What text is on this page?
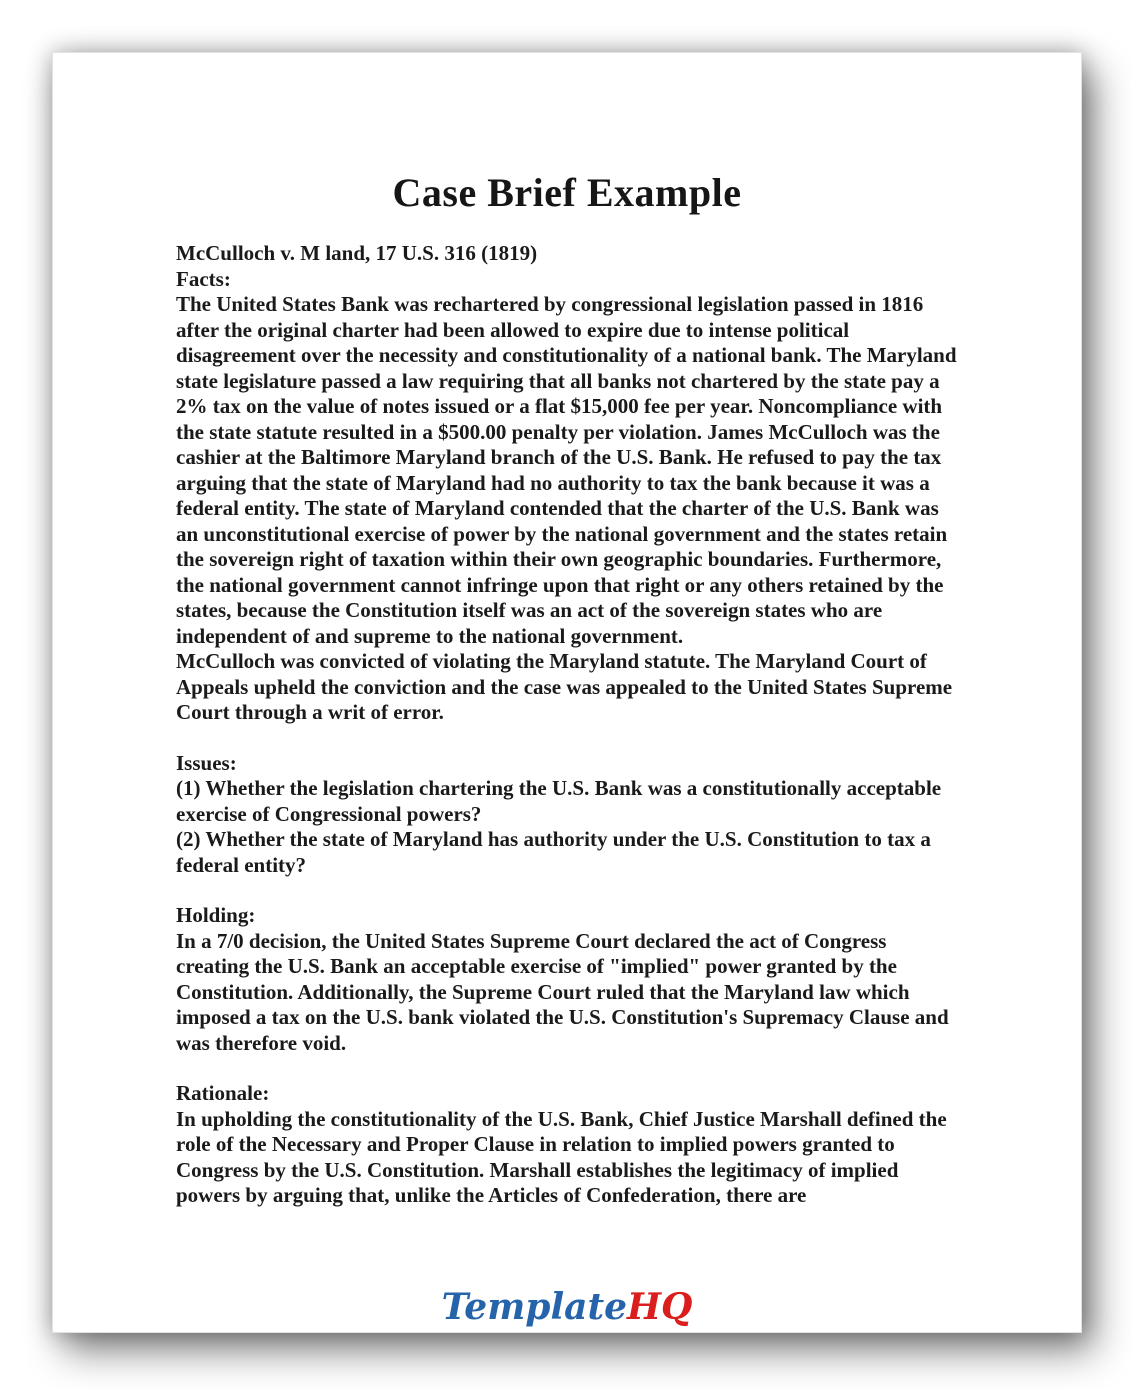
Case Brief Example

McCulloch v. M land, 17 U.S. 316 (1819)

Facts:

The United States Bank was rechartered by congressional legislation passed in 1816 after the original charter had been allowed to expire due to intense political disagreement over the necessity and constitutionality of a national bank. The Maryland state legislature passed a law requiring that all banks not chartered by the state pay a 2% tax on the value of notes issued or a flat $15,000 fee per year. Noncompliance with the state statute resulted in a $500.00 penalty per violation. James McCulloch was the cashier at the Baltimore Maryland branch of the U.S. Bank. He refused to pay the tax arguing that the state of Maryland had no authority to tax the bank because it was a federal entity. The state of Maryland contended that the charter of the U.S. Bank was an unconstitutional exercise of power by the national government and the states retain the sovereign right of taxation within their own geographic boundaries. Furthermore, the national government cannot infringe upon that right or any others retained by the states, because the Constitution itself was an act of the sovereign states who are independent of and supreme to the national government.

McCulloch was convicted of violating the Maryland statute. The Maryland Court of Appeals upheld the conviction and the case was appealed to the United States Supreme Court through a writ of error.

Issues:

(1) Whether the legislation chartering the U.S. Bank was a constitutionally acceptable exercise of Congressional powers?

(2) Whether the state of Maryland has authority under the U.S. Constitution to tax a federal entity?

Holding:

In a 7/0 decision, the United States Supreme Court declared the act of Congress creating the U.S. Bank an acceptable exercise of "implied" power granted by the Constitution. Additionally, the Supreme Court ruled that the Maryland law which imposed a tax on the U.S. bank violated the U.S. Constitution's Supremacy Clause and was therefore void.

Rationale:

In upholding the constitutionality of the U.S. Bank, Chief Justice Marshall defined the role of the Necessary and Proper Clause in relation to implied powers granted to Congress by the U.S. Constitution. Marshall establishes the legitimacy of implied powers by arguing that, unlike the Articles of Confederation, there are

TemplateHQ
